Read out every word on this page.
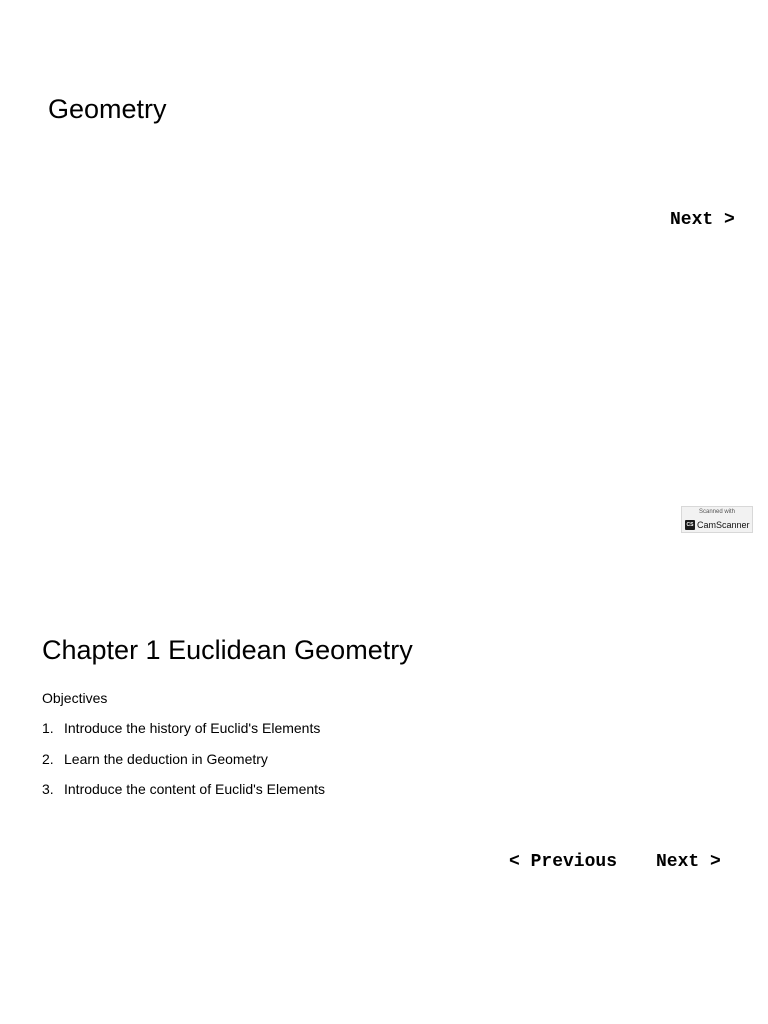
Geometry
Next >
Scanned with
CS CamScanner
Chapter 1 Euclidean Geometry
Objectives
1. Introduce the history of Euclid's Elements
2. Learn the deduction in Geometry
3. Introduce the content of Euclid's Elements
< Previous Next >
